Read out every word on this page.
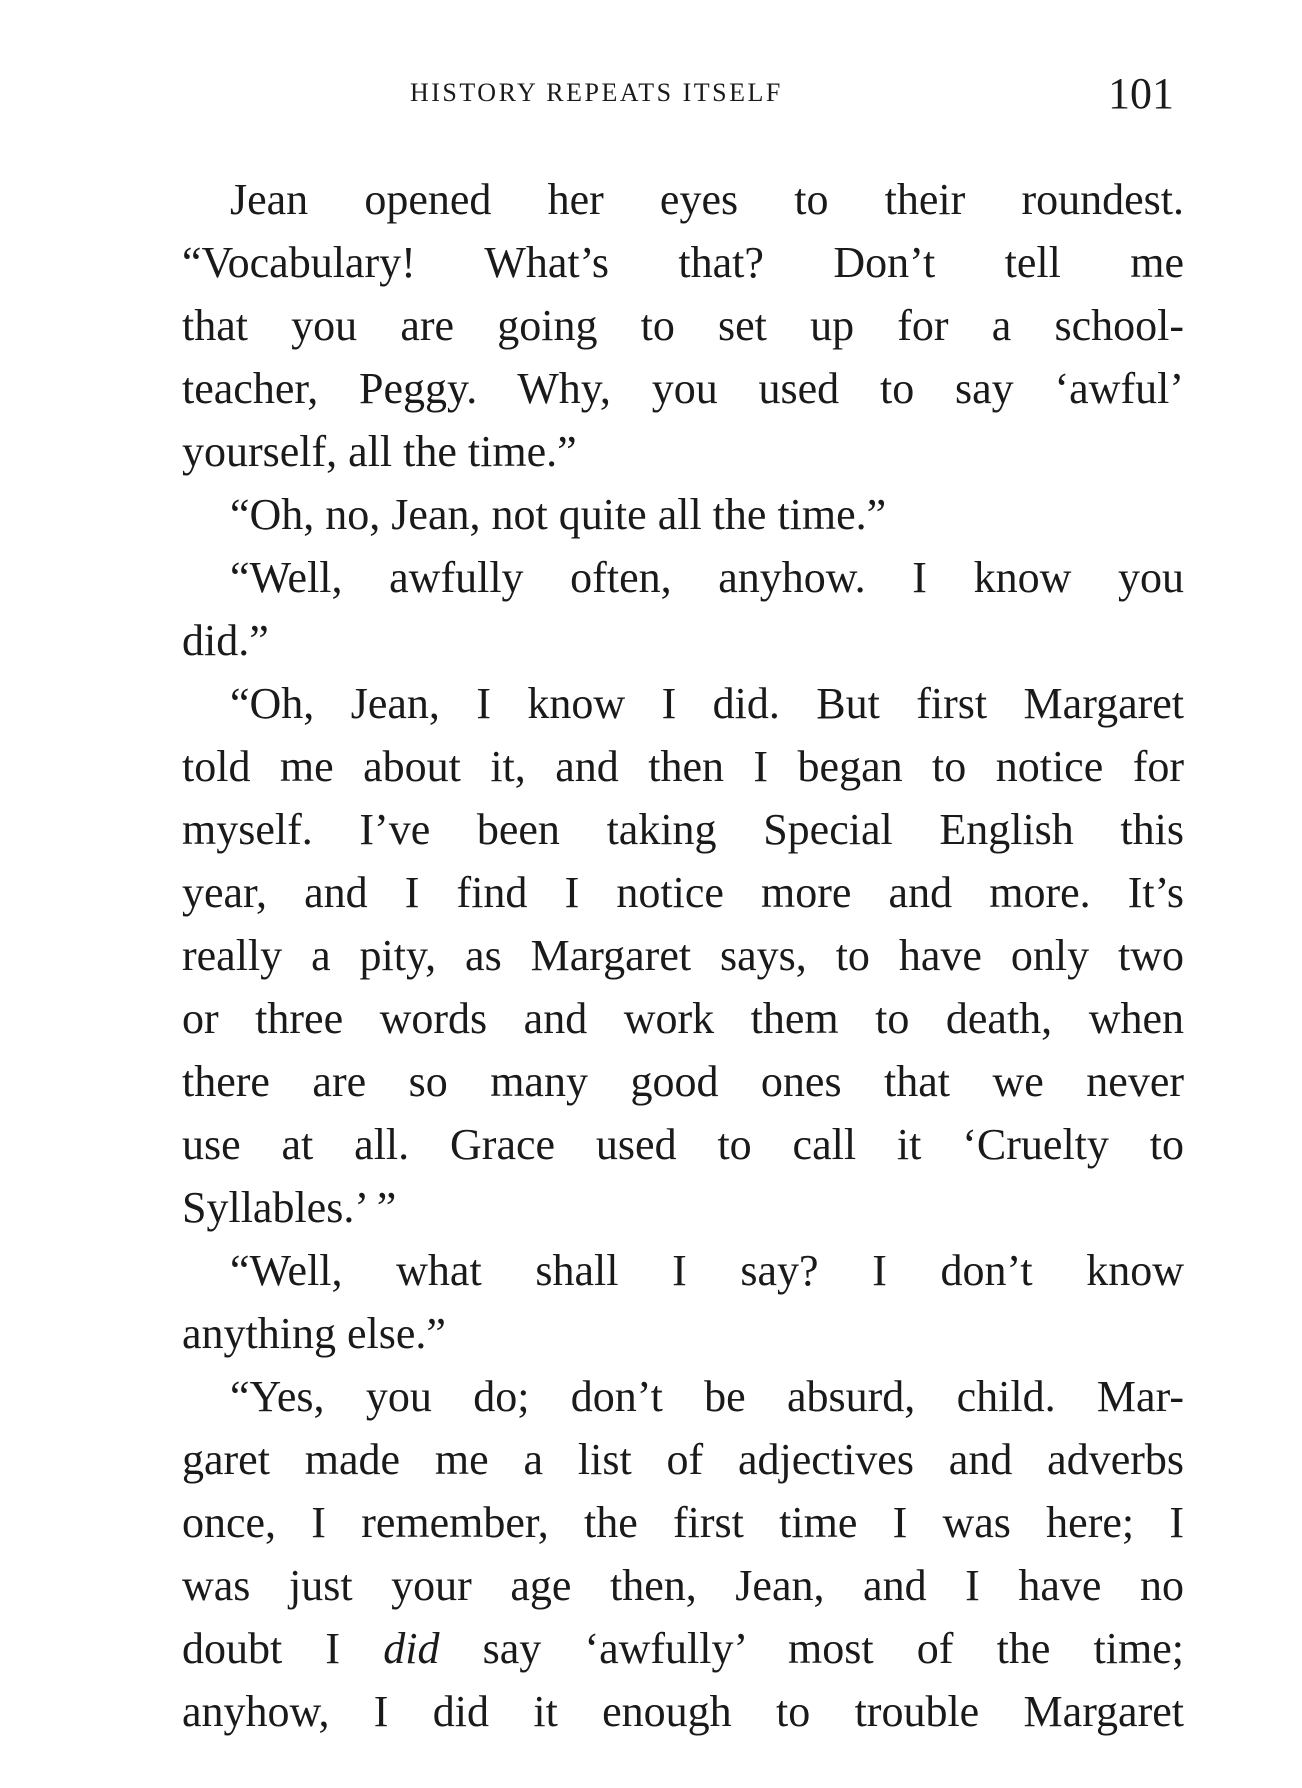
HISTORY REPEATS ITSELF	101
Jean opened her eyes to their roundest.
“Vocabulary! What’s that? Don’t tell me
that you are going to set up for a school-
teacher, Peggy. Why, you used to say ‘awful’
yourself, all the time.”
“Oh, no, Jean, not quite all the time.”
“Well, awfully often, anyhow. I know you
did.”
“Oh, Jean, I know I did. But first Margaret
told me about it, and then I began to notice for
myself. I’ve been taking Special English this
year, and I find I notice more and more. It’s
really a pity, as Margaret says, to have only two
or three words and work them to death, when
there are so many good ones that we never
use at all. Grace used to call it ‘Cruelty to
Syllables.’ ”
“Well, what shall I say? I don’t know
anything else.”
“Yes, you do; don’t be absurd, child. Mar-
garet made me a list of adjectives and adverbs
once, I remember, the first time I was here; I
was just your age then, Jean, and I have no
doubt I did say ‘awfully’ most of the time;
anyhow, I did it enough to trouble Margaret
